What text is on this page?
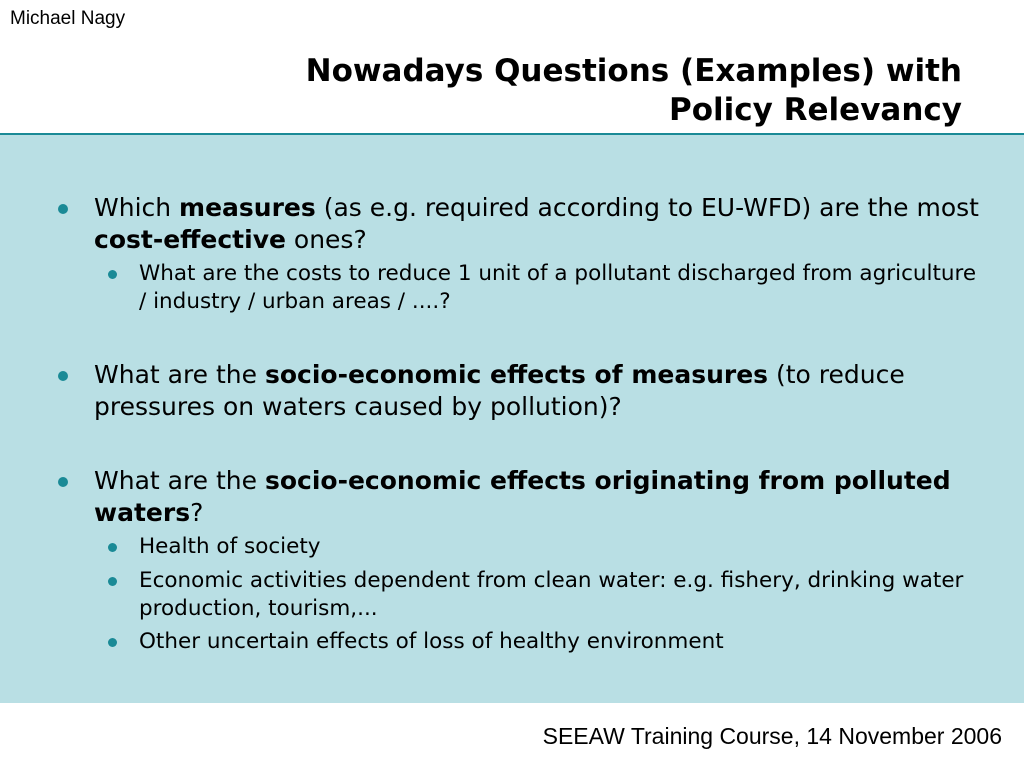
Michael Nagy
Nowadays Questions (Examples) with
Policy Relevancy
Which measures (as e.g. required according to EU-WFD) are the most cost-effective ones?
What are the costs to reduce 1 unit of a pollutant discharged from agriculture / industry / urban areas / ....?
What are the socio-economic effects of measures (to reduce pressures on waters caused by pollution)?
What are the socio-economic effects originating from polluted waters?
Health of society
Economic activities dependent from clean water: e.g. fishery, drinking water production, tourism,...
Other uncertain effects of loss of healthy environment
SEEAW Training Course, 14 November 2006
